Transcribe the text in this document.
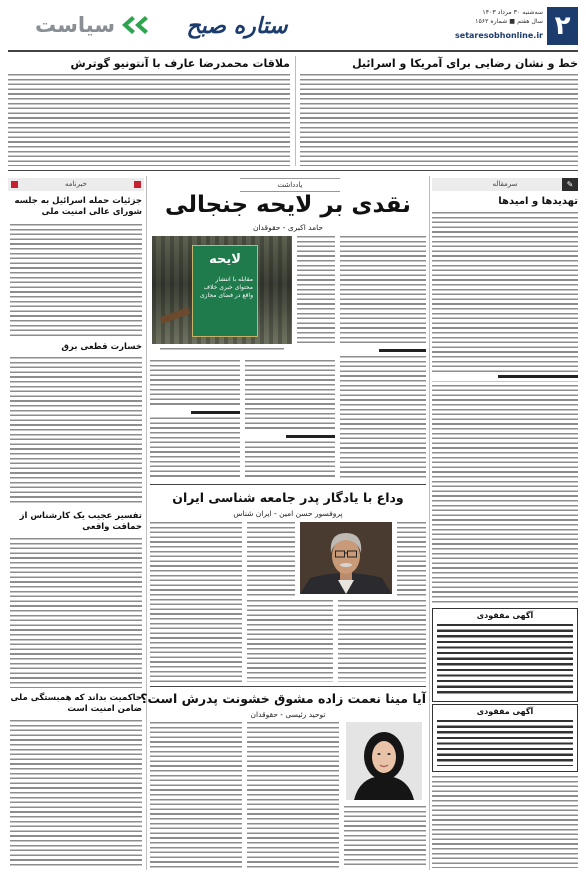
۲
سه‌شنبه ۳۰ مرداد ۱۴۰۳
سال هفتم ■ شماره ۱۵۶۲
setaresobhonline.ir
ستاره صبح
سیاست
خط و نشان رضایی برای آمریکا و اسرائیل
ملاقات محمدرضا عارف با آنتونیو گوترش
سرمقاله	✎
تهدیدها و امیدها
آگهی مفقودی
آگهی مفقودی
یادداشت
نقدی بر لایحه جنجالی
حامد اکبری - حقوقدان
لایحه
مقابله با انتشار محتوای خبری خلاف واقع در فضای مجازی
وداع با یادگار پدر جامعه شناسی ایران
پروفسور حسن امین - ایران شناس
آیا مینا نعمت زاده مشوق خشونت پدرش است؟
توحید رئیسی - حقوقدان
خبرنامه
جزئیات حمله اسرائیل به جلسه شورای عالی امنیت ملی
خسارت قطعی برق
تفسیر عجیب یک کارشناس از حماقت واقعی
حاکمیت بداند که همبستگی ملی ضامن امنیت است
